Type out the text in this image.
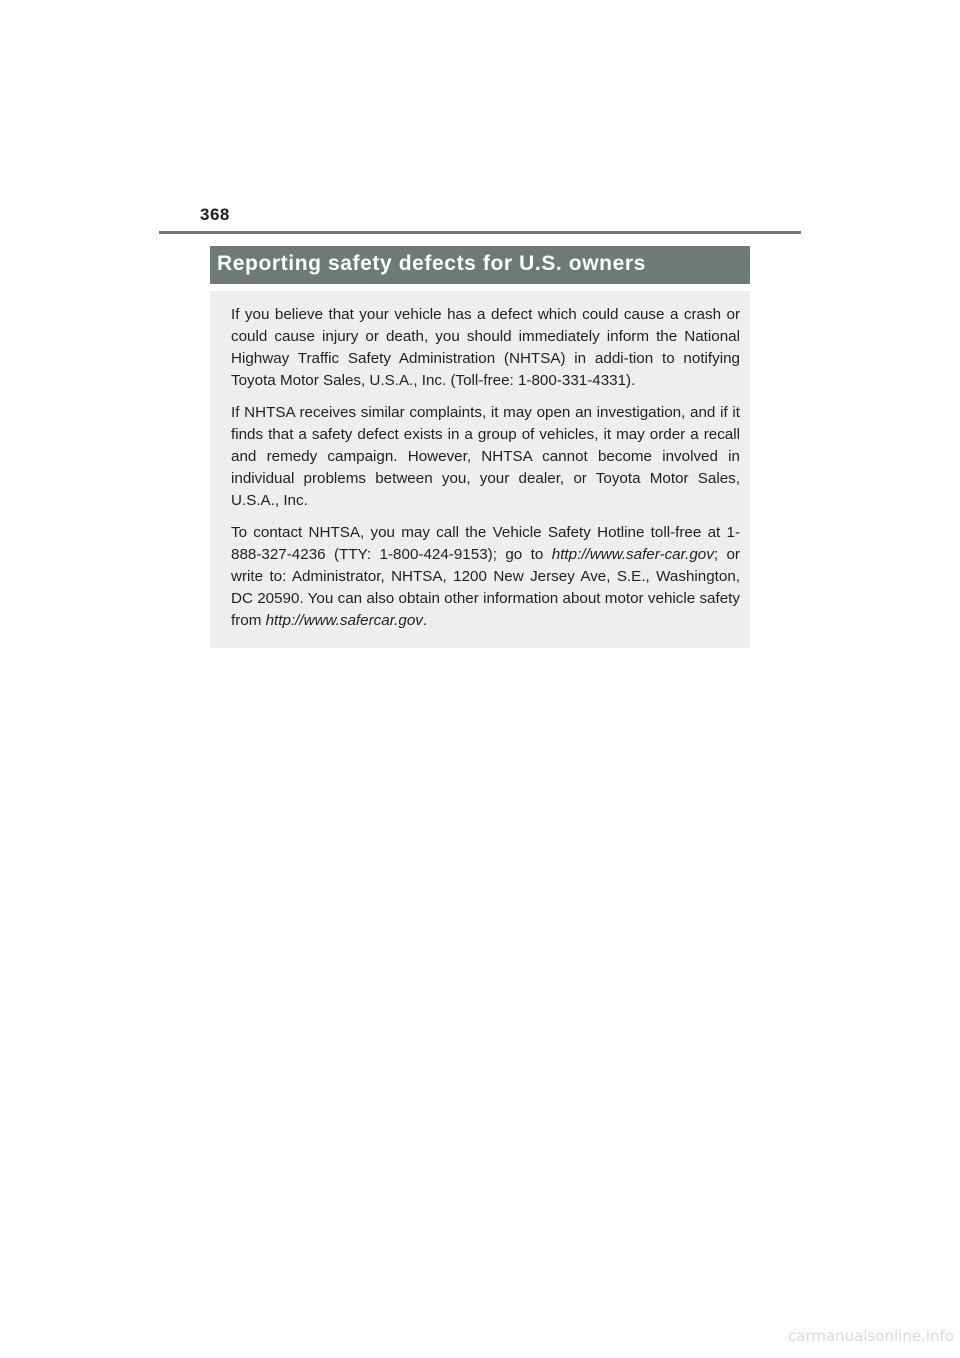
368
Reporting safety defects for U.S. owners

If you believe that your vehicle has a defect which could cause a crash or could cause injury or death, you should immediately inform the National Highway Traffic Safety Administration (NHTSA) in addi-tion to notifying Toyota Motor Sales, U.S.A., Inc. (Toll-free: 1-800-331-4331).

If NHTSA receives similar complaints, it may open an investigation, and if it finds that a safety defect exists in a group of vehicles, it may order a recall and remedy campaign. However, NHTSA cannot become involved in individual problems between you, your dealer, or Toyota Motor Sales, U.S.A., Inc.

To contact NHTSA, you may call the Vehicle Safety Hotline toll-free at 1-888-327-4236 (TTY: 1-800-424-9153); go to http://www.safer-car.gov; or write to: Administrator, NHTSA, 1200 New Jersey Ave, S.E., Washington, DC 20590. You can also obtain other information about motor vehicle safety from http://www.safercar.gov.

carmanualsonline.info
